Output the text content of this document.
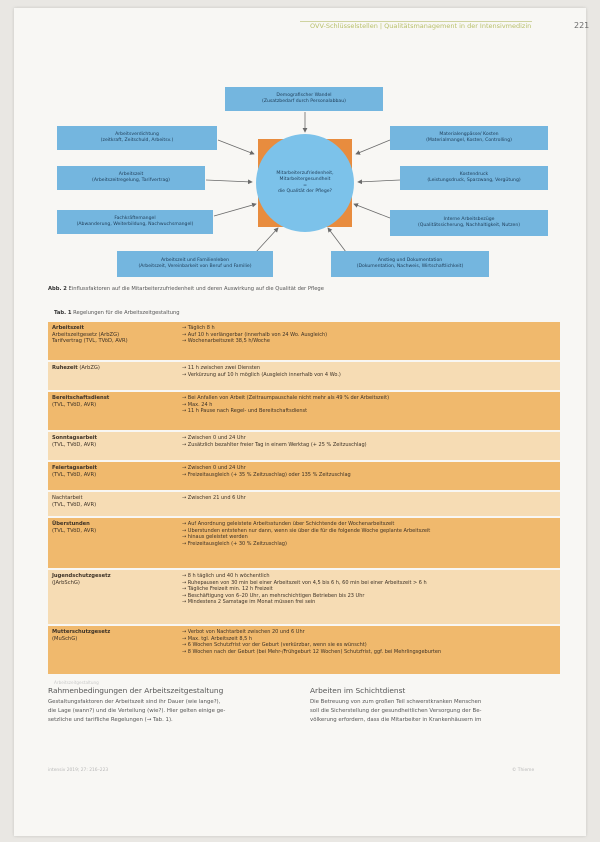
OVV-Schlüsselstellen | Qualitätsmanagement in der Intensivmedizin	221
Demografischer Wandel
(Zusatzbedarf durch Personalabbau)
Arbeitsverdichtung
(zeitkraft, Zeitschuld, Arbeitsv.)
Arbeitszeit
(Arbeitszeitregelung, Tarifvertrag)
Fachkräftemangel
(Abwanderung, Weiterbildung, Nachwuchsmangel)
Arbeitszeit und Familienleben
(Arbeitszeit, Vereinbarkeit von Beruf und Familie)
Materialengpässe/ Kosten
(Materialmangel, Kosten, Controlling)
Kostendruck
(Leistungsdruck, Sparzwang, Vergütung)
Interne Arbeitsbezüge
(Qualitätssicherung, Nachhaltigkeit, Nutzen)
Anstieg und Dokumentation
(Dokumentation, Nachweis, Wirtschaftlichkeit)
Mitarbeiterzufriedenheit,
Mitarbeitergesundheit
=
die Qualität der Pflege?
Abb. 2 Einflussfaktoren auf die Mitarbeiterzufriedenheit und deren Auswirkung auf die Qualität der Pflege
Tab. 1 Regelungen für die Arbeitszeitgestaltung
Arbeitszeit
Arbeitszeitgesetz (ArbZG)
Tarifvertrag (TVL, TVöD, AVR)
→ Täglich 8 h
→ Auf 10 h verlängerbar (innerhalb von 24 Wo. Ausgleich)
→ Wochenarbeitszeit 38,5 h/Woche
Ruhezeit (ArbZG)
→	11 h zwischen zwei Diensten
→ Verkürzung auf 10 h möglich (Ausgleich innerhalb von 4 Wo.)
Bereitschaftsdienst
(TVL, TVöD, AVR)
→ Bei Anfallen von Arbeit (Zeitraumpauschale nicht mehr als 49 % der Arbeitszeit)
→ Max. 24 h
→ 11 h Pause nach Regel- und Bereitschaftsdienst
Sonntagsarbeit
(TVL, TVöD, AVR)
→ Zwischen 0 und 24 Uhr
→ Zusätzlich bezahlter freier Tag in einem Werktag (+ 25 % Zeitzuschlag)
Feiertagsarbeit
(TVL, TVöD, AVR)
→ Zwischen 0 und 24 Uhr
→ Freizeitausgleich (+ 35 % Zeitzuschlag) oder 135 % Zeitzuschlag
Nachtarbeit
(TVL, TVöD, AVR)
→ Zwischen 21 und 6 Uhr
Überstunden
(TVL, TVöD, AVR)
→ Auf Anordnung geleistete Arbeitsstunden über Schichtende der Wochenarbeitszeit
→ Überstunden entstehen nur dann, wenn sie über die für die folgende Woche geplante Arbeitszeit
→ hinaus geleistet werden
→ Freizeitausgleich (+ 30 % Zeitzuschlag)
Jugendschutzgesetz
(JArbSchG)
→ 8 h täglich und 40 h wöchentlich
→ Ruhepausen von 30 min bei einer Arbeitszeit von 4,5 bis 6 h, 60 min bei einer Arbeitszeit > 6 h
→ Tägliche Freizeit min. 12 h Freizeit
→ Beschäftigung von 6–20 Uhr, an mehrschichtigen Betrieben bis 23 Uhr
→ Mindestens 2 Samstage im Monat müssen frei sein
Mutterschutzgesetz
(MuSchG)
→ Verbot von Nachtarbeit zwischen 20 und 6 Uhr
→ Max. tgl. Arbeitszeit 8,5 h
→ 6 Wochen Schutzfrist vor der Geburt (verkürzbar, wenn sie es wünscht)
→ 8 Wochen nach der Geburt (bei Mehr-/Frühgeburt 12 Wochen) Schutzfrist, ggf. bei Mehrlingsgeburten
Rahmenbedingungen der Arbeitszeitgestaltung

Gestaltungsfaktoren der Arbeitszeit sind ihr Dauer (wie lange?),
die Lage (wann?) und die Verteilung (wie?). Hier gelten einige ge-
setzliche und tarifliche Regelungen (→ Tab. 1).

Arbeiten im Schichtdienst

Die Betreuung von zum großen Teil schwerstkranken Menschen
soll die Sicherstellung der gesundheitlichen Versorgung der Be-
völkerung erfordern, dass die Mitarbeiter in Krankenhäusern im

Arbeitszeitgestaltung
intensiv 2019; 27: 216–223	© Thieme
